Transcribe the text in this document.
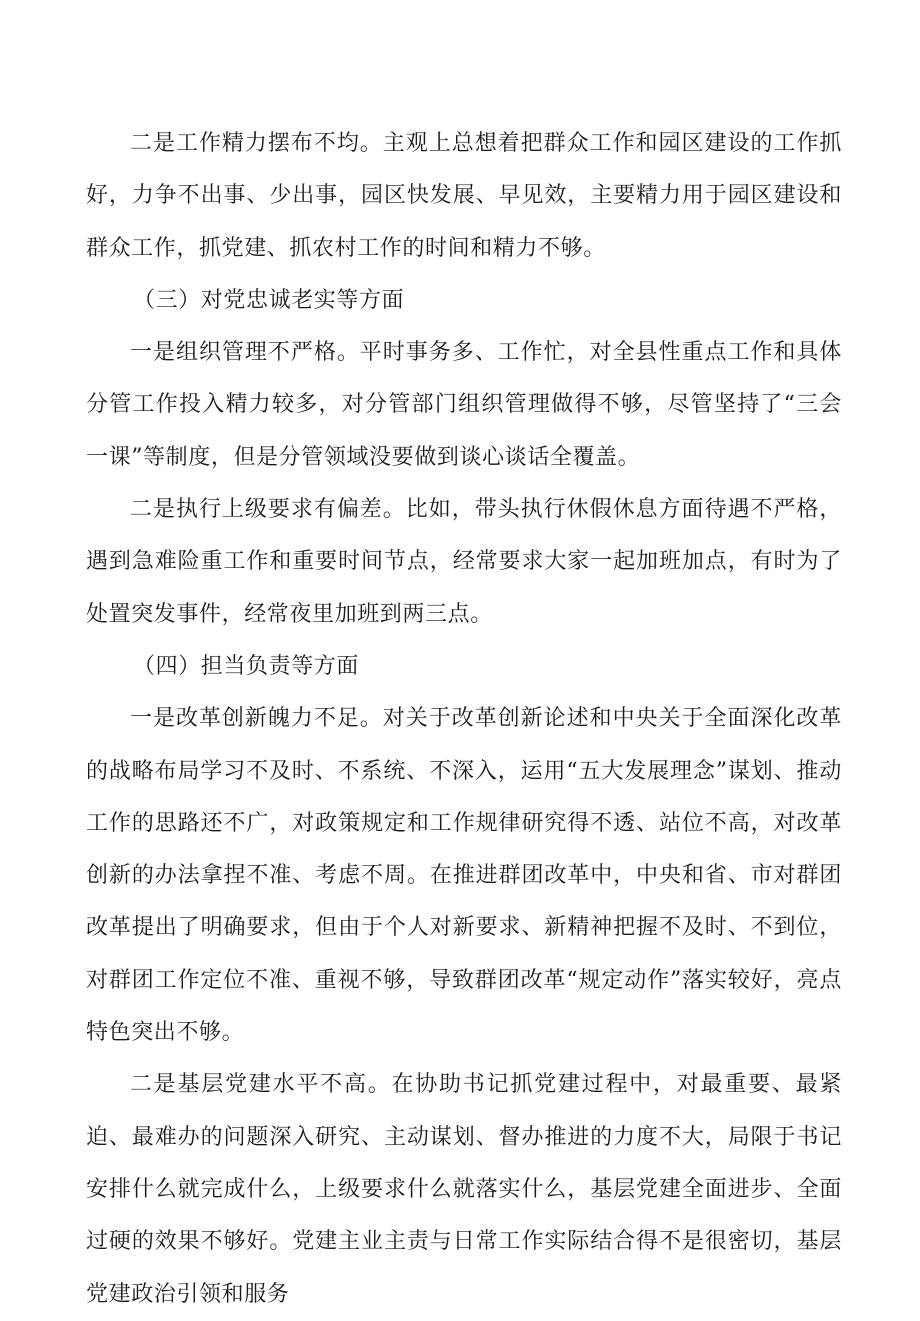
二是工作精力摆布不均。主观上总想着把群众工作和园区建设的工作抓好，力争不出事、少出事，园区快发展、早见效，主要精力用于园区建设和群众工作，抓党建、抓农村工作的时间和精力不够。

（三）对党忠诚老实等方面

一是组织管理不严格。平时事务多、工作忙，对全县性重点工作和具体分管工作投入精力较多，对分管部门组织管理做得不够，尽管坚持了“三会一课”等制度，但是分管领域没要做到谈心谈话全覆盖。

二是执行上级要求有偏差。比如，带头执行休假休息方面待遇不严格，遇到急难险重工作和重要时间节点，经常要求大家一起加班加点，有时为了处置突发事件，经常夜里加班到两三点。

（四）担当负责等方面

一是改革创新魄力不足。对关于改革创新论述和中央关于全面深化改革的战略布局学习不及时、不系统、不深入，运用“五大发展理念”谋划、推动工作的思路还不广，对政策规定和工作规律研究得不透、站位不高，对改革创新的办法拿捏不准、考虑不周。在推进群团改革中，中央和省、市对群团改革提出了明确要求，但由于个人对新要求、新精神把握不及时、不到位，对群团工作定位不准、重视不够，导致群团改革“规定动作”落实较好，亮点特色突出不够。

二是基层党建水平不高。在协助书记抓党建过程中，对最重要、最紧迫、最难办的问题深入研究、主动谋划、督办推进的力度不大，局限于书记安排什么就完成什么，上级要求什么就落实什么，基层党建全面进步、全面过硬的效果不够好。党建主业主责与日常工作实际结合得不是很密切，基层党建政治引领和服务
